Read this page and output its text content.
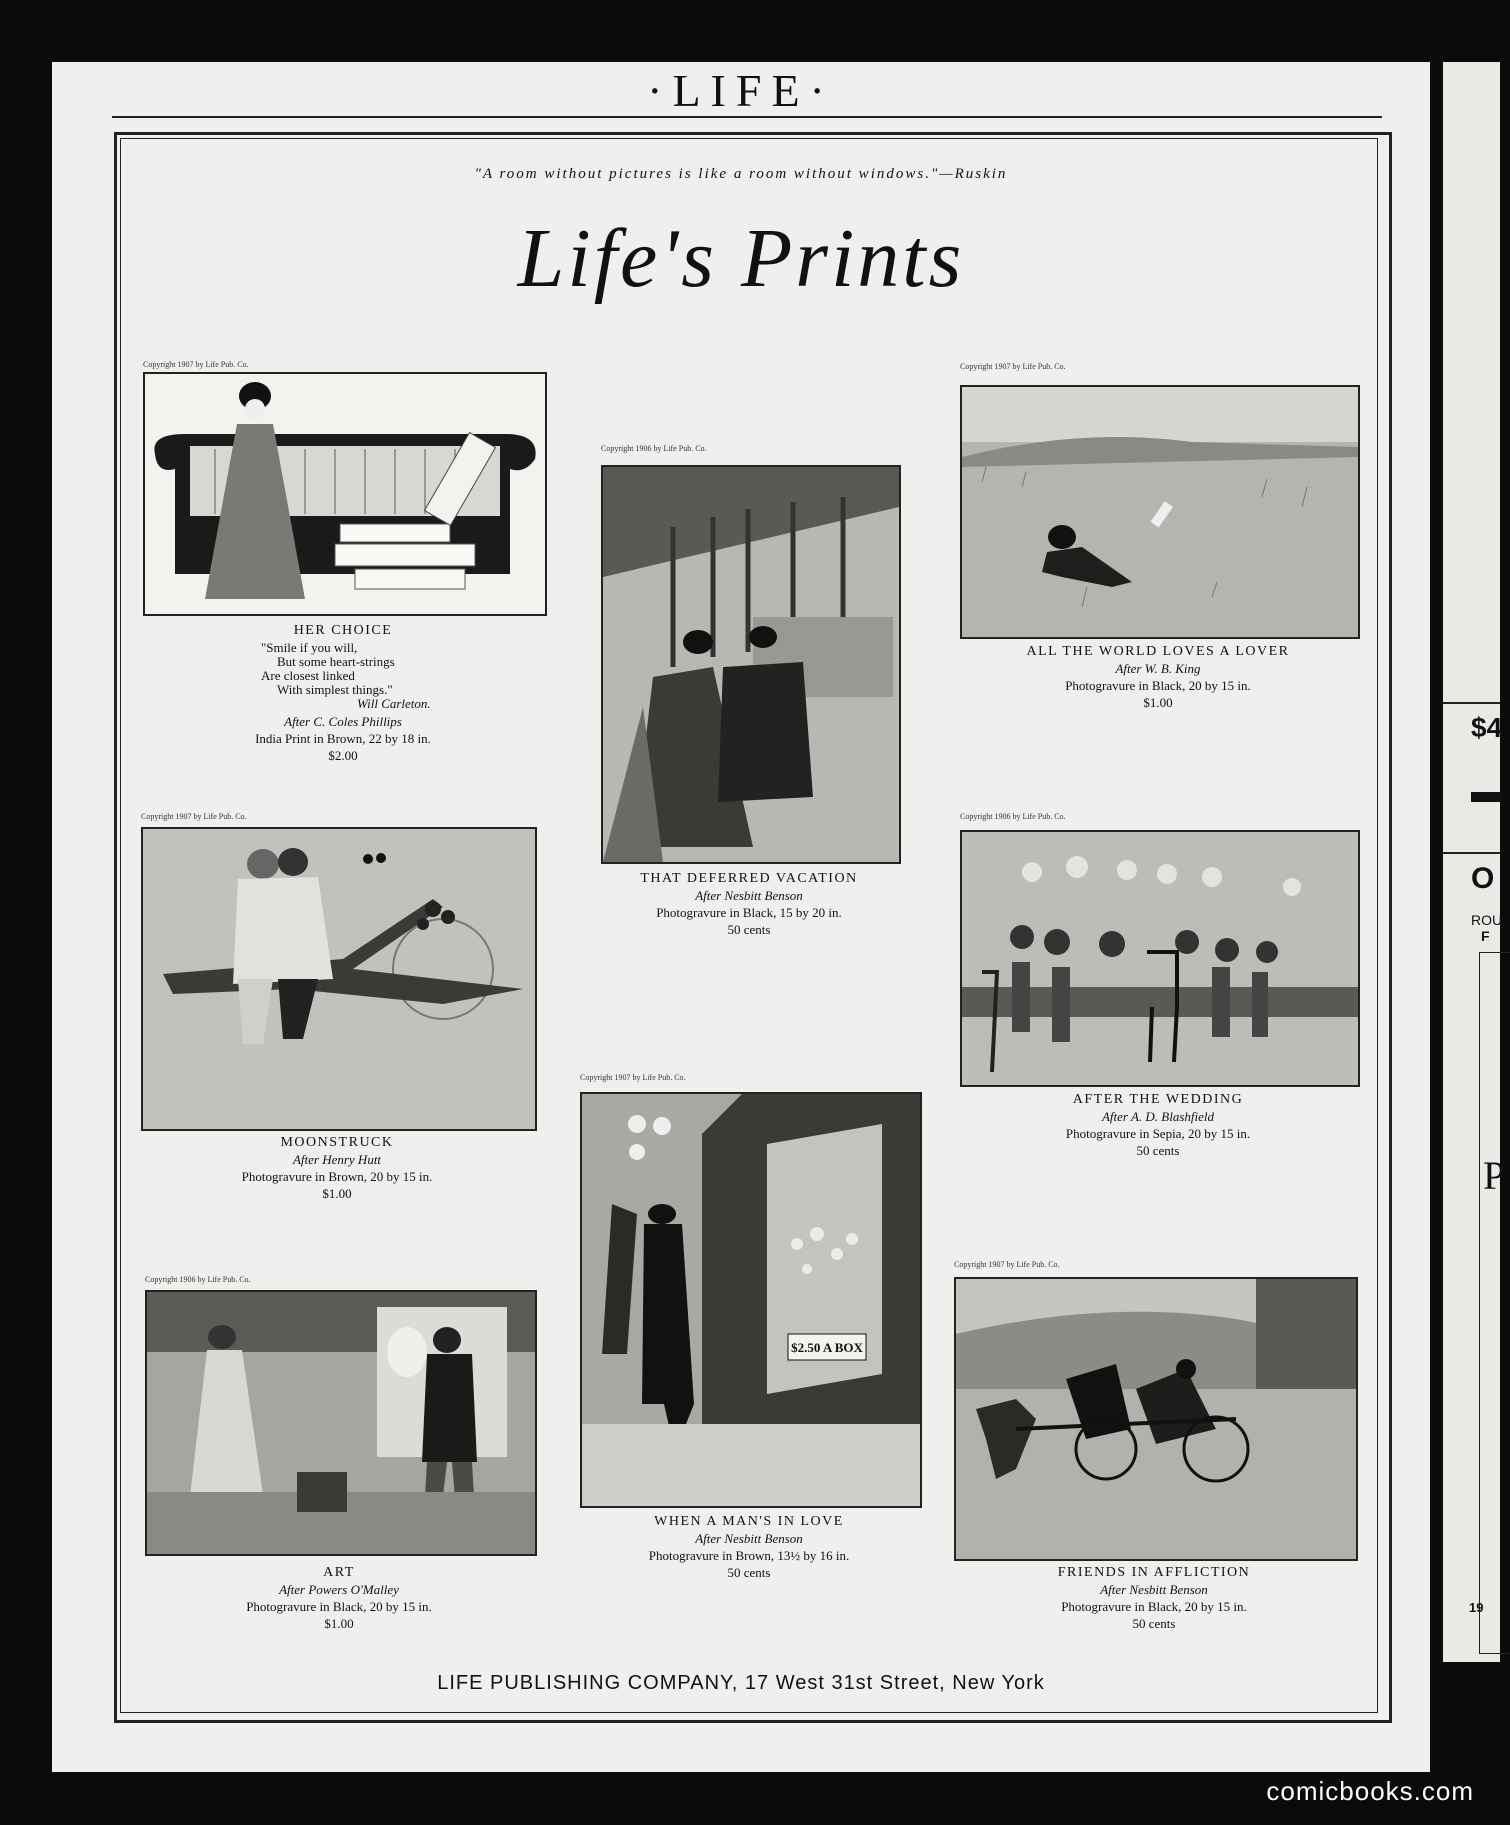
·LIFE·
"A room without pictures is like a room without windows."—Ruskin
Life's Prints
Copyright 1907 by Life Pub. Co.
HER CHOICE
"Smile if you will,
But some heart-strings
Are closest linked
With simplest things."
Will Carleton.
After C. Coles Phillips
India Print in Brown, 22 by 18 in.
$2.00
Copyright 1906 by Life Pub. Co.
THAT DEFERRED VACATION
After Nesbitt Benson
Photogravure in Black, 15 by 20 in.
50 cents
Copyright 1907 by Life Pub. Co.
ALL THE WORLD LOVES A LOVER
After W. B. King
Photogravure in Black, 20 by 15 in.
$1.00
Copyright 1907 by Life Pub. Co.
MOONSTRUCK
After Henry Hutt
Photogravure in Brown, 20 by 15 in.
$1.00
Copyright 1906 by Life Pub. Co.
AFTER THE WEDDING
After A. D. Blashfield
Photogravure in Sepia, 20 by 15 in.
50 cents
Copyright 1907 by Life Pub. Co.
$2.50 A BOX
WHEN A MAN'S IN LOVE
After Nesbitt Benson
Photogravure in Brown, 13½ by 16 in.
50 cents
Copyright 1906 by Life Pub. Co.
ART
After Powers O'Malley
Photogravure in Black, 20 by 15 in.
$1.00
Copyright 1907 by Life Pub. Co.
FRIENDS IN AFFLICTION
After Nesbitt Benson
Photogravure in Black, 20 by 15 in.
50 cents
LIFE PUBLISHING COMPANY, 17 West 31st Street, New York
70
$4
O
ROU
F
P
19
comicbooks.com
